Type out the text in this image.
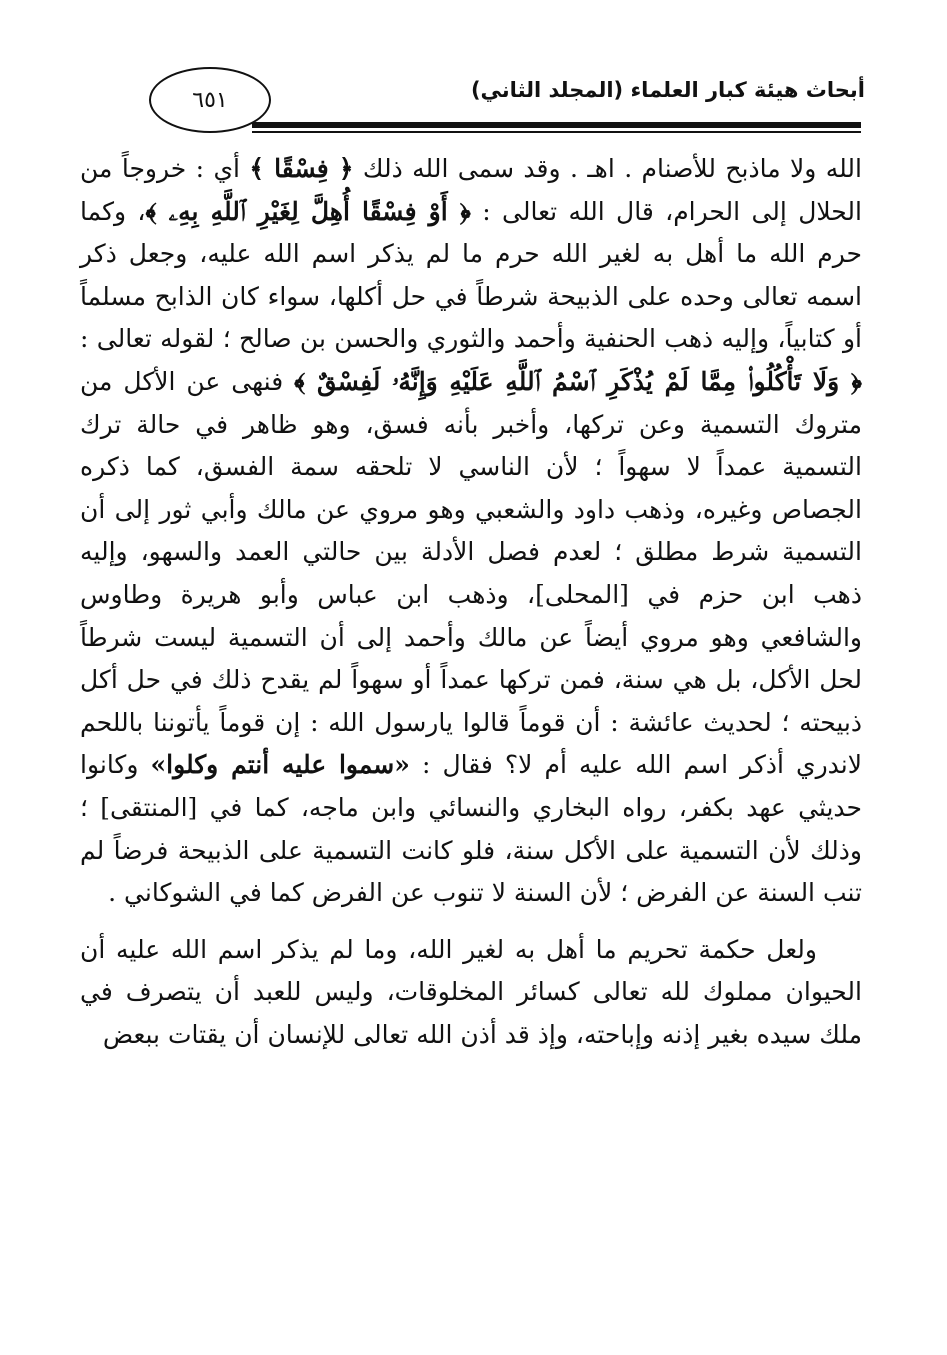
أبحاث هيئة كبار العلماء (المجلد الثاني)
٦٥١

الله ولا ماذبح للأصنام . اهـ . وقد سمى الله ذلك ﴿ فِسْقًا ﴾ أي : خروجاً من الحلال إلى الحرام، قال الله تعالى : ﴿ أَوْ فِسْقًا أُهِلَّ لِغَيْرِ ٱللَّهِ بِهِۦ ﴾، وكما حرم الله ما أهل به لغير الله حرم ما لم يذكر اسم الله عليه، وجعل ذكر اسمه تعالى وحده على الذبيحة شرطاً في حل أكلها، سواء كان الذابح مسلماً أو كتابياً، وإليه ذهب الحنفية وأحمد والثوري والحسن بن صالح ؛ لقوله تعالى : ﴿ وَلَا تَأْكُلُوا۟ مِمَّا لَمْ يُذْكَرِ ٱسْمُ ٱللَّهِ عَلَيْهِ وَإِنَّهُۥ لَفِسْقٌ ﴾ فنهى عن الأكل من متروك التسمية وعن تركها، وأخبر بأنه فسق، وهو ظاهر في حالة ترك التسمية عمداً لا سهواً ؛ لأن الناسي لا تلحقه سمة الفسق، كما ذكره الجصاص وغيره، وذهب داود والشعبي وهو مروي عن مالك وأبي ثور إلى أن التسمية شرط مطلق ؛ لعدم فصل الأدلة بين حالتي العمد والسهو، وإليه ذهب ابن حزم في [المحلى]، وذهب ابن عباس وأبو هريرة وطاوس والشافعي وهو مروي أيضاً عن مالك وأحمد إلى أن التسمية ليست شرطاً لحل الأكل، بل هي سنة، فمن تركها عمداً أو سهواً لم يقدح ذلك في حل أكل ذبيحته ؛ لحديث عائشة : أن قوماً قالوا يارسول الله : إن قوماً يأتوننا باللحم لاندري أذكر اسم الله عليه أم لا؟ فقال : «سموا عليه أنتم وكلوا» وكانوا حديثي عهد بكفر، رواه البخاري والنسائي وابن ماجه، كما في [المنتقى] ؛ وذلك لأن التسمية على الأكل سنة، فلو كانت التسمية على الذبيحة فرضاً لم تنب السنة عن الفرض ؛ لأن السنة لا تنوب عن الفرض كما في الشوكاني .

ولعل حكمة تحريم ما أهل به لغير الله، وما لم يذكر اسم الله عليه أن الحيوان مملوك لله تعالى كسائر المخلوقات، وليس للعبد أن يتصرف في ملك سيده بغير إذنه وإباحته، وإذ قد أذن الله تعالى للإنسان أن يقتات ببعض
